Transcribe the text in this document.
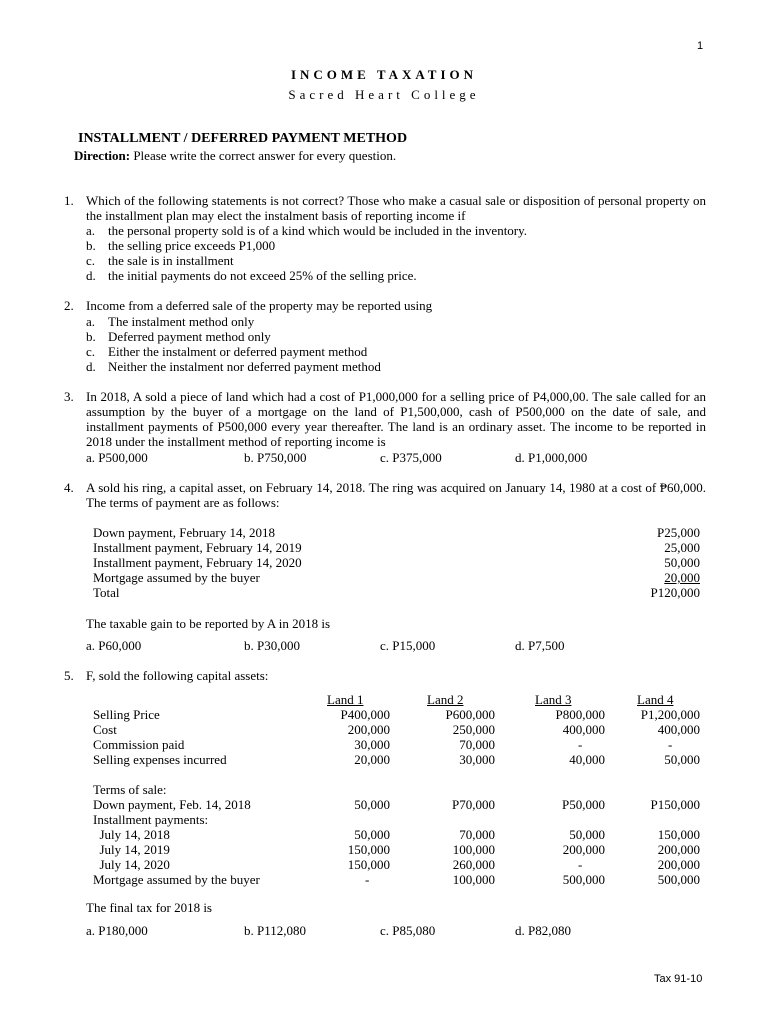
1
INCOME TAXATION
Sacred Heart College
INSTALLMENT / DEFERRED PAYMENT METHOD
Direction: Please write the correct answer for every question.
1. Which of the following statements is not correct? Those who make a casual sale or disposition of personal property on the installment plan may elect the instalment basis of reporting income if
a. the personal property sold is of a kind which would be included in the inventory.
b. the selling price exceeds P1,000
c. the sale is in installment
d. the initial payments do not exceed 25% of the selling price.
2. Income from a deferred sale of the property may be reported using
a. The instalment method only
b. Deferred payment method only
c. Either the instalment or deferred payment method
d. Neither the instalment nor deferred payment method
3. In 2018, A sold a piece of land which had a cost of P1,000,000 for a selling price of P4,000,00. The sale called for an assumption by the buyer of a mortgage on the land of P1,500,000, cash of P500,000 on the date of sale, and installment payments of P500,000 every year thereafter. The land is an ordinary asset. The income to be reported in 2018 under the installment method of reporting income is
a. P500,000	b. P750,000	c. P375,000	d. P1,000,000
4. A sold his ring, a capital asset, on February 14, 2018. The ring was acquired on January 14, 1980 at a cost of ₱60,000. The terms of payment are as follows:
Down payment, February 14, 2018	P25,000
Installment payment, February 14, 2019	25,000
Installment payment, February 14, 2020	50,000
Mortgage assumed by the buyer	20,000
Total	P120,000
The taxable gain to be reported by A in 2018 is
a. P60,000	b. P30,000	c. P15,000	d. P7,500
5. F, sold the following capital assets:
Land 1	Land 2	Land 3	Land 4
Selling Price	P400,000	P600,000	P800,000	P1,200,000
Cost	200,000	250,000	400,000	400,000
Commission paid	30,000	70,000	-	-
Selling expenses incurred	20,000	30,000	40,000	50,000
Terms of sale:
Down payment, Feb. 14, 2018	50,000	P70,000	P50,000	P150,000
Installment payments:
July 14, 2018	50,000	70,000	50,000	150,000
July 14, 2019	150,000	100,000	200,000	200,000
July 14, 2020	150,000	260,000	-	200,000
Mortgage assumed by the buyer	-	100,000	500,000	500,000
The final tax for 2018 is
a. P180,000	b. P112,080	c. P85,080	d. P82,080
Tax 91-10
